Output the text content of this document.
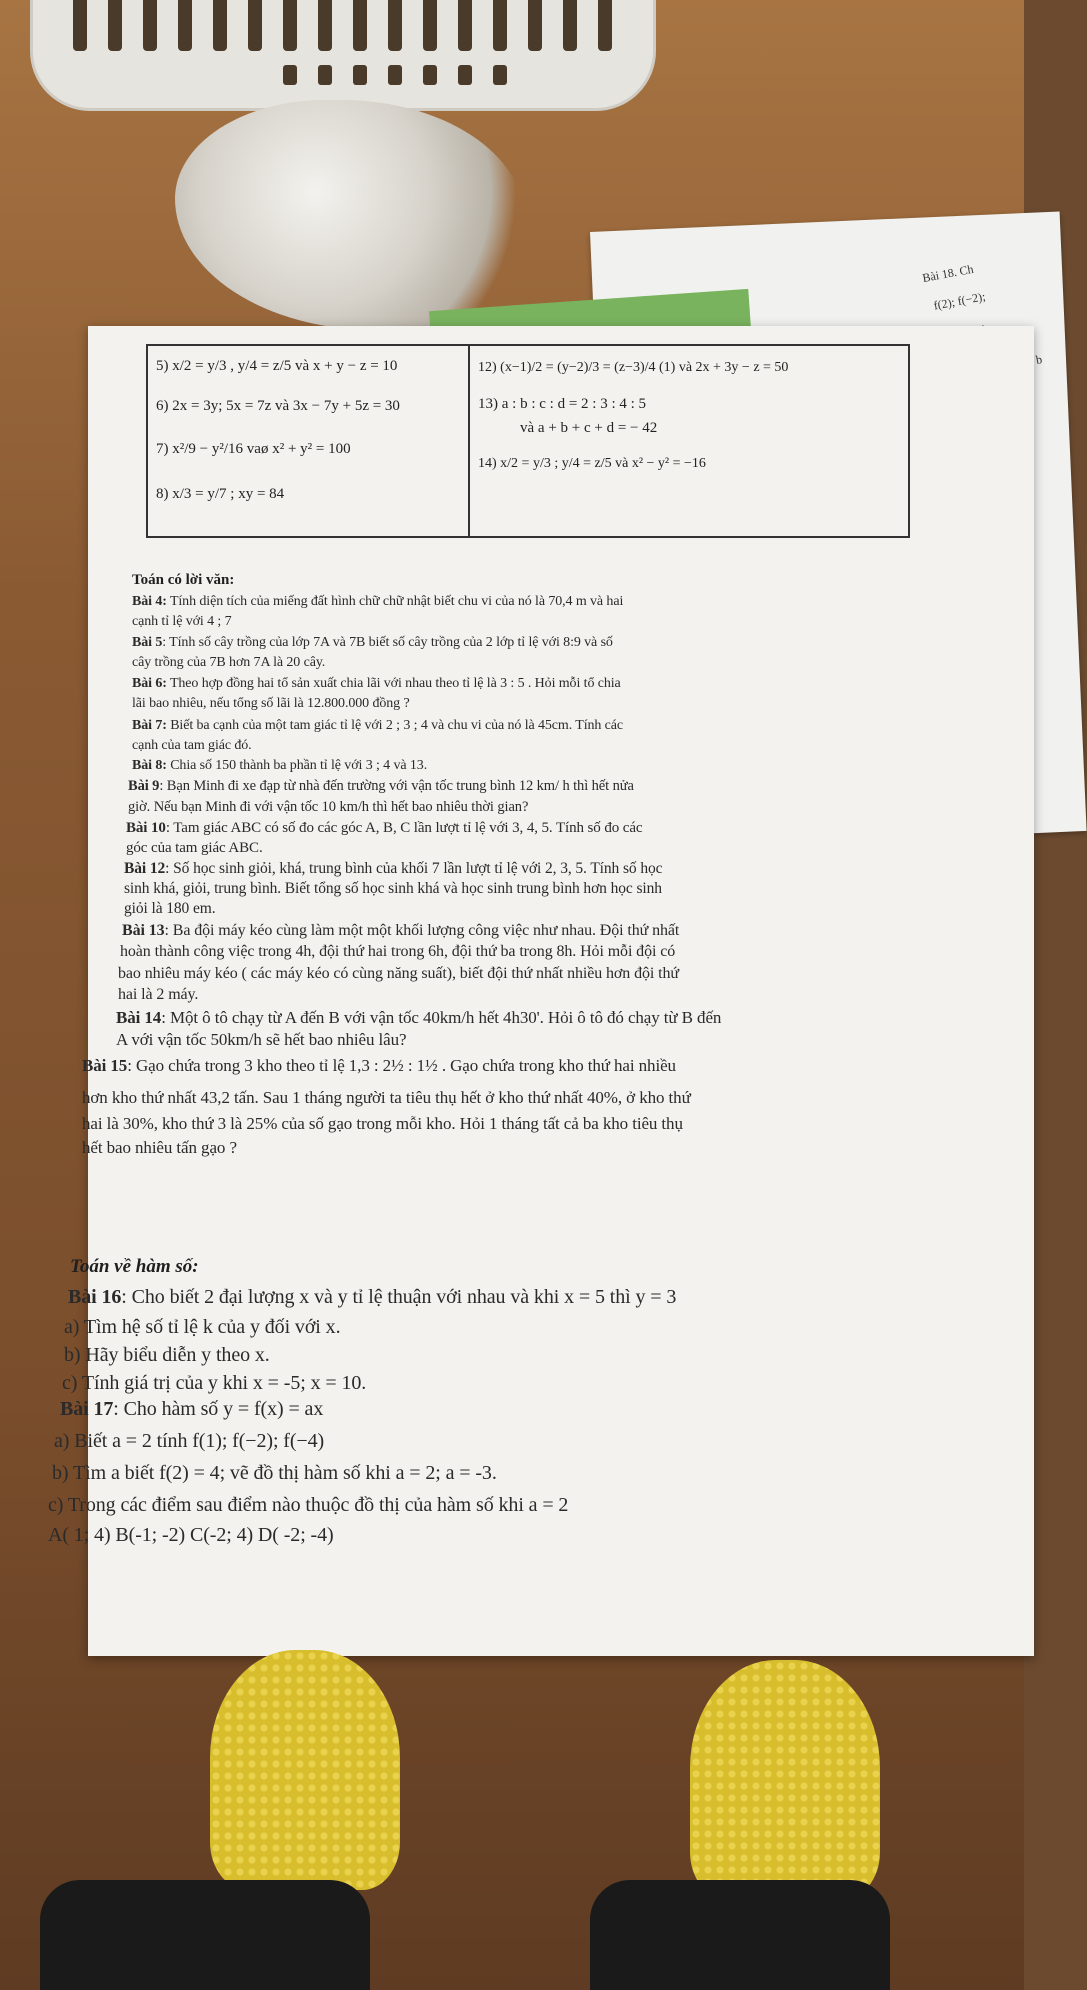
Bài 18. Ch
f(2); f(−2);
b
5) x/2 = y/3 , y/4 = z/5 và x + y − z = 10
6) 2x = 3y; 5x = 7z và 3x − 7y + 5z = 30
7) x²/9 − y²/16 vaø x² + y² = 100
8) x/3 = y/7 ; xy = 84
12) (x−1)/2 = (y−2)/3 = (z−3)/4 (1) và 2x + 3y − z = 50
13) a : b : c : d = 2 : 3 : 4 : 5
và a + b + c + d = − 42
14) x/2 = y/3 ; y/4 = z/5 và x² − y² = −16
Toán có lời văn:
Bài 4: Tính diện tích của miếng đất hình chữ chữ nhật biết chu vi của nó là 70,4 m và hai
cạnh tỉ lệ với 4 ; 7
Bài 5: Tính số cây trồng của lớp 7A và 7B biết số cây trồng của 2 lớp tỉ lệ với 8:9 và số
cây trồng của 7B hơn 7A là 20 cây.
Bài 6: Theo hợp đồng hai tổ sản xuất chia lãi với nhau theo tỉ lệ là 3 : 5 . Hỏi mỗi tổ chia
lãi bao nhiêu, nếu tổng số lãi là 12.800.000 đồng ?
Bài 7: Biết ba cạnh của một tam giác tỉ lệ với 2 ; 3 ; 4 và chu vi của nó là 45cm. Tính các
cạnh của tam giác đó.
Bài 8: Chia số 150 thành ba phần tỉ lệ với 3 ; 4 và 13.
Bài 9: Bạn Minh đi xe đạp từ nhà đến trường với vận tốc trung bình 12 km/ h thì hết nửa
giờ. Nếu bạn Minh đi với vận tốc 10 km/h thì hết bao nhiêu thời gian?
Bài 10: Tam giác ABC có số đo các góc A, B, C lần lượt tỉ lệ với 3, 4, 5. Tính số đo các
góc của tam giác ABC.
Bài 12: Số học sinh giỏi, khá, trung bình của khối 7 lần lượt tỉ lệ với 2, 3, 5. Tính số học
sinh khá, giỏi, trung bình. Biết tổng số học sinh khá và học sinh trung bình hơn học sinh
giỏi là 180 em.
Bài 13: Ba đội máy kéo cùng làm một một khối lượng công việc như nhau. Đội thứ nhất
hoàn thành công việc trong 4h, đội thứ hai trong 6h, đội thứ ba trong 8h. Hỏi mỗi đội có
bao nhiêu máy kéo ( các máy kéo có cùng năng suất), biết đội thứ nhất nhiều hơn đội thứ
hai là 2 máy.
Bài 14: Một ô tô chạy từ A đến B với vận tốc 40km/h hết 4h30'. Hỏi ô tô đó chạy từ B đến
A với vận tốc 50km/h sẽ hết bao nhiêu lâu?
Bài 15: Gạo chứa trong 3 kho theo tỉ lệ 1,3 : 2½ : 1½ . Gạo chứa trong kho thứ hai nhiều
hơn kho thứ nhất 43,2 tấn. Sau 1 tháng người ta tiêu thụ hết ở kho thứ nhất 40%, ở kho thứ
hai là 30%, kho thứ 3 là 25% của số gạo trong mỗi kho. Hỏi 1 tháng tất cả ba kho tiêu thụ
hết bao nhiêu tấn gạo ?
Toán về hàm số:
Bài 16: Cho biết 2 đại lượng x và y tỉ lệ thuận với nhau và khi x = 5 thì y = 3
a) Tìm hệ số tỉ lệ k của y đối với x.
b) Hãy biểu diễn y theo x.
c) Tính giá trị của y khi x = -5; x = 10.
Bài 17: Cho hàm số y = f(x) = ax
a) Biết a = 2 tính f(1); f(−2); f(−4)
b) Tìm a biết f(2) = 4; vẽ đồ thị hàm số khi a = 2; a = -3.
c) Trong các điểm sau điểm nào thuộc đồ thị của hàm số khi a = 2
A( 1; 4) B(-1; -2) C(-2; 4) D( -2; -4)
